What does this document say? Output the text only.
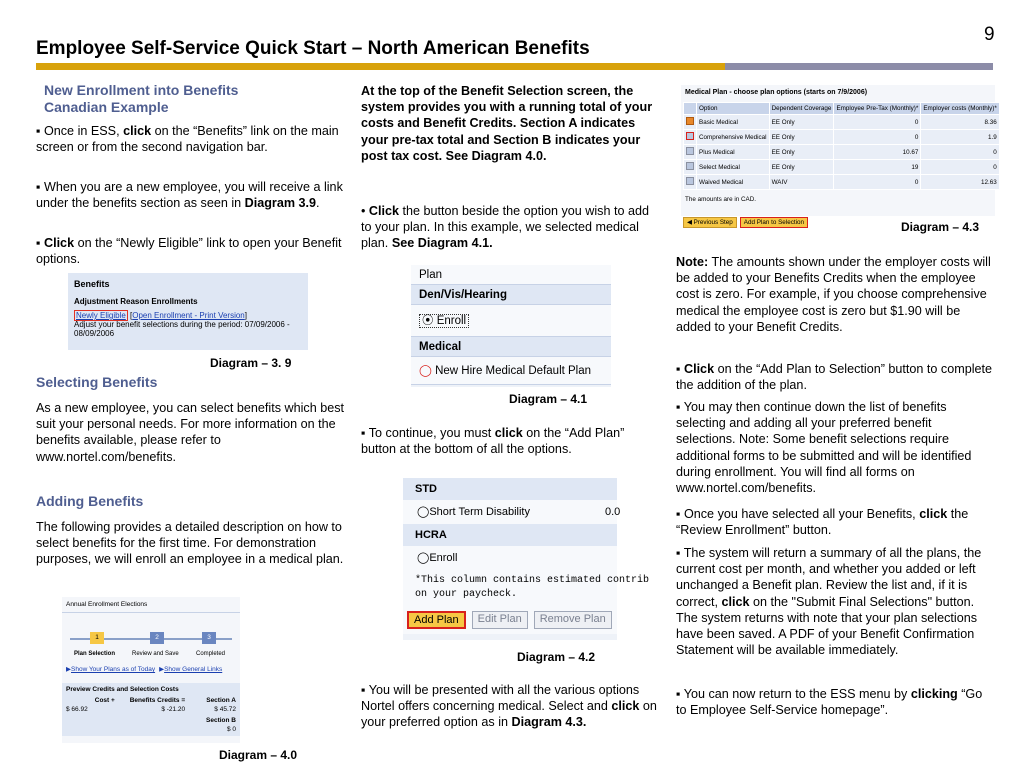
9
Employee Self-Service Quick Start – North American Benefits
New Enrollment into Benefits Canadian Example
▪ Once in ESS, click on the “Benefits” link on the main screen or from the second navigation bar.
▪ When you are a new employee, you will receive a link under the benefits section as seen in Diagram 3.9.
▪ Click on the “Newly Eligible” link to open your Benefit options.
Benefits
Adjustment Reason Enrollments
Newly Eligible [Open Enrollment - Print Version]
Adjust your benefit selections during the period: 07/09/2006 - 08/09/2006
Diagram – 3. 9
Selecting Benefits
As a new employee, you can select benefits which best suit your personal needs. For more information on the benefits available, please refer to www.nortel.com/benefits.
Adding Benefits
The following provides a detailed description on how to select benefits for the first time. For demonstration purposes, we will enroll an employee in a medical plan.
Annual Enrollment Elections
1	2	3
Plan Selection	Review and Save	Completed
▶Show Your Plans as of Today ▶Show General Links
Preview Credits and Selection Costs
Cost +	Benefits Credits =	Section A
$ 66.92	$ -21.20	$ 45.72
Section B
$ 0
Diagram – 4.0
At the top of the Benefit Selection screen, the system provides you with a running total of your costs and Benefit Credits. Section A indicates your pre-tax total and Section B indicates your post tax cost. See Diagram 4.0.
• Click the button beside the option you wish to add to your plan. In this example, we selected medical plan. See Diagram 4.1.
Plan
Den/Vis/Hearing
⦿ Enroll
Medical
◯ New Hire Medical Default Plan
Diagram – 4.1
▪ To continue, you must click on the “Add Plan” button at the bottom of all the options.
STD
◯Short Term Disability	0.0
HCRA
◯Enroll
*This column contains estimated contrib
on your paycheck.
Add Plan	Edit Plan	Remove Plan
Diagram – 4.2
▪ You will be presented with all the various options Nortel offers concerning medical. Select and click on your preferred option as in Diagram 4.3.
Medical Plan - choose plan options (starts on 7/9/2006)
	Option	Dependent Coverage	Employee Pre-Tax (Monthly)*	Employer costs (Monthly)*
	Basic Medical	EE Only	0	8.36
	Comprehensive Medical	EE Only	0	1.9
	Plus Medical	EE Only	10.67	0
	Select Medical	EE Only	19	0
	Waived Medical	WAIV	0	12.63
The amounts are in CAD.
◀ Previous Step	Add Plan to Selection	Diagram – 4.3
Note: The amounts shown under the employer costs will be added to your Benefits Credits when the employee cost is zero. For example, if you choose comprehensive medical the employee cost is zero but $1.90 will be added to your Benefit Credits.
▪ Click on the “Add Plan to Selection” button to complete the addition of the plan.
▪ You may then continue down the list of benefits selecting and adding all your preferred benefit selections. Note: Some benefit selections require additional forms to be submitted and will be identified during enrollment. You will find all forms on www.nortel.com/benefits.
▪ Once you have selected all your Benefits, click the “Review Enrollment” button.
▪ The system will return a summary of all the plans, the current cost per month, and whether you added or left unchanged a Benefit plan. Review the list and, if it is correct, click on the "Submit Final Selections" button. The system returns with note that your plan selections have been saved. A PDF of your Benefit Confirmation Statement will be available immediately.
▪ You can now return to the ESS menu by clicking “Go to Employee Self-Service homepage”.
